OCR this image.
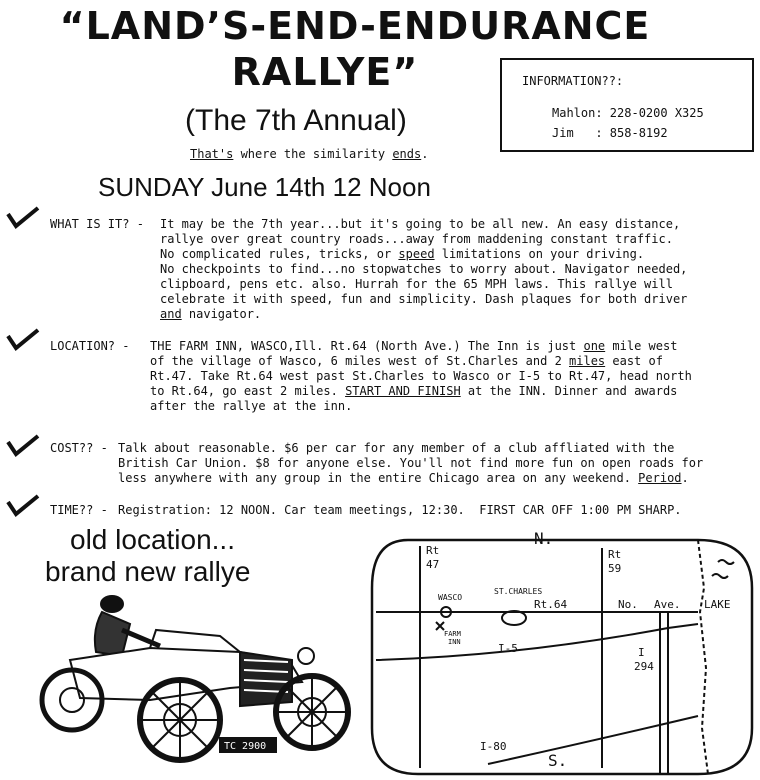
“LAND’S-END-ENDURANCE
RALLYE”
(The 7th Annual)
That's where the similarity ends.
INFORMATION??:
Mahlon: 228-0200 X325
Jim   : 858-8192
SUNDAY June 14th 12 Noon
WHAT IS IT? - It may be the 7th year...but it's going to be all new. An easy distance,
rallye over great country roads...away from maddening constant traffic.
No complicated rules, tricks, or speed limitations on your driving.
No checkpoints to find...no stopwatches to worry about. Navigator needed,
clipboard, pens etc. also. Hurrah for the 65 MPH laws. This rallye will
celebrate it with speed, fun and simplicity. Dash plaques for both driver
and navigator.
LOCATION? - THE FARM INN, WASCO,Ill. Rt.64 (North Ave.) The Inn is just one mile west
of the village of Wasco, 6 miles west of St.Charles and 2 miles east of
Rt.47. Take Rt.64 west past St.Charles to Wasco or I-5 to Rt.47, head north
to Rt.64, go east 2 miles. START AND FINISH at the INN. Dinner and awards
after the rallye at the inn.
COST?? - Talk about reasonable. $6 per car for any member of a club affliated with the
British Car Union. $8 for anyone else. You'll not find more fun on open roads for
less anywhere with any group in the entire Chicago area on any weekend. Period.
TIME?? - Registration: 12 NOON. Car team meetings, 12:30.  FIRST CAR OFF 1:00 PM SHARP.
old location...
brand new rallye
TC 2900
N.
S.
Rt
47
Rt
59
WASCO
ST.CHARLES
Rt.64	No. Ave. LAKE
FARM
INN	I-5	I
294
I-80
